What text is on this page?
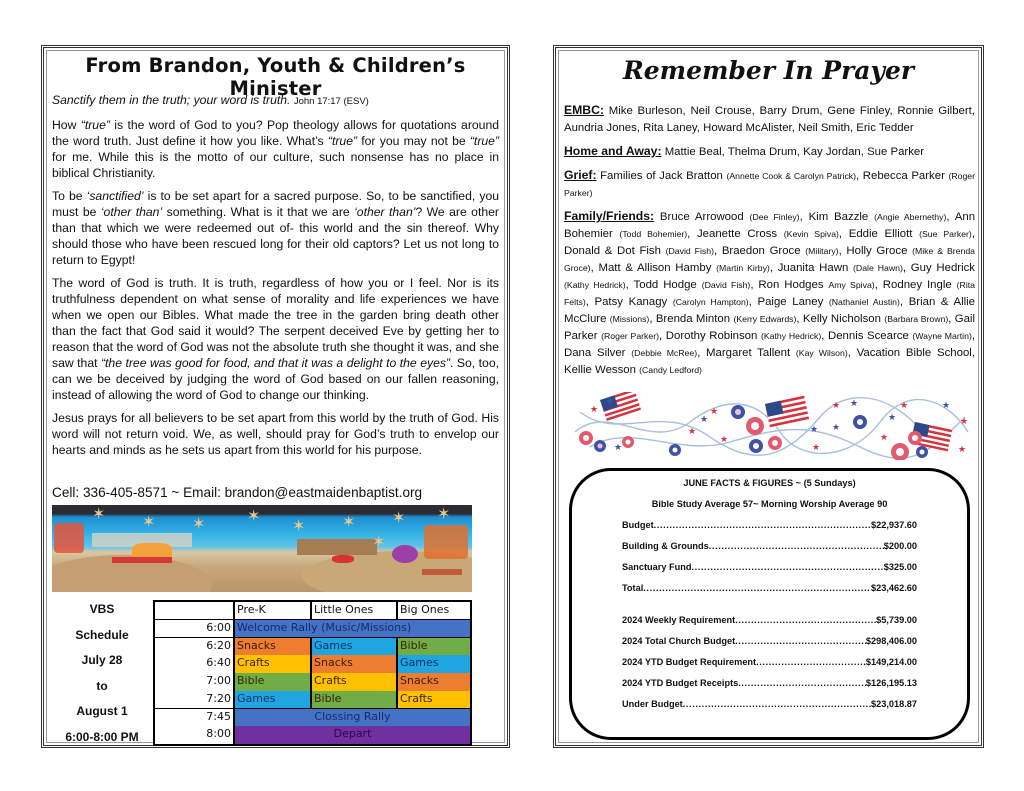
From Brandon, Youth & Children’s Minister

Sanctify them in the truth; your word is truth. John 17:17 (ESV)

How “true” is the word of God to you? Pop theology allows for quotations around the word truth. Just define it how you like. What’s “true” for you may not be “true” for me. While this is the motto of our culture, such nonsense has no place in biblical Christianity.

To be ‘sanctified’ is to be set apart for a sacred purpose. So, to be sanctified, you must be ‘other than’ something. What is it that we are ‘other than’? We are other than that which we were redeemed out of- this world and the sin thereof. Why should those who have been rescued long for their old captors? Let us not long to return to Egypt!

The word of God is truth. It is truth, regardless of how you or I feel. Nor is its truthfulness dependent on what sense of morality and life experiences we have when we open our Bibles. What made the tree in the garden bring death other than the fact that God said it would? The serpent deceived Eve by getting her to reason that the word of God was not the absolute truth she thought it was, and she saw that “the tree was good for food, and that it was a delight to the eyes”. So, too, can we be deceived by judging the word of God based on our fallen reasoning, instead of allowing the word of God to change our thinking.

Jesus prays for all believers to be set apart from this world by the truth of God. His word will not return void. We, as well, should pray for God’s truth to envelop our hearts and minds as he sets us apart from this world for his purpose.

Cell: 336-405-8571 ~ Email: brandon@eastmaidenbaptist.org
✶ ✶ ✶	✶
✶ ✶ ✶ ✶
✶
VBS
Schedule
July 28
to
August 1
6:00-8:00 PM
Pre-K	Little Ones	Big Ones
6:00 Welcome Rally (Music/Missions)
6:20 Snacks	Games	Bible
6:40 Crafts	Snacks	Games
7:00 Bible	Crafts	Snacks
7:20 Games	Bible	Crafts
7:45	Clossing Rally
8:00	Depart
Remember In Prayer

EMBC: Mike Burleson, Neil Crouse, Barry Drum, Gene Finley, Ronnie Gilbert, Aundria Jones, Rita Laney, Howard McAlister, Neil Smith, Eric Tedder

Home and Away: Mattie Beal, Thelma Drum, Kay Jordan, Sue Parker

Grief: Families of Jack Bratton (Annette Cook & Carolyn Patrick), Rebecca Parker (Roger Parker)

Family/Friends: Bruce Arrowood (Dee Finley), Kim Bazzle (Angie Abernethy), Ann Bohemier (Todd Bohemier), Jeanette Cross (Kevin Spiva), Eddie Elliott (Sue Parker), Donald & Dot Fish (David Fish), Braedon Groce (Military), Holly Groce (Mike & Brenda Groce), Matt & Allison Hamby (Martin Kirby), Juanita Hawn (Dale Hawn), Guy Hedrick (Kathy Hedrick), Todd Hodge (David Fish), Ron Hodges Amy Spiva), Rodney Ingle (Rita Felts), Patsy Kanagy (Carolyn Hampton), Paige Laney (Nathaniel Austin), Brian & Allie McClure (Missions), Brenda Minton (Kerry Edwards), Kelly Nicholson (Barbara Brown), Gail Parker (Roger Parker), Dorothy Robinson (Kathy Hedrick), Dennis Scearce (Wayne Martin), Dana Silver (Debbie McRee), Margaret Tallent (Kay Wilson), Vacation Bible School, Kellie Wesson (Candy Ledford)

★	★
★
★
★	★
★
★
★
★
★
★
★
★
★
★
★
★
JUNE FACTS & FIGURES ~ (5 Sundays)
Bible Study Average 57~ Morning Worship Average 90
Budget .....	$22,937.60
Building & Grounds .....	$200.00
Sanctuary Fund .....	$325.00
Total .....	$23,462.60
2024 Weekly Requirement .....	$5,739.00
2024 Total Church Budget .....	$298,406.00
2024 YTD Budget Requirement .....	$149,214.00
2024 YTD Budget Receipts .....	$126,195.13
Under Budget .....	$23,018.87
